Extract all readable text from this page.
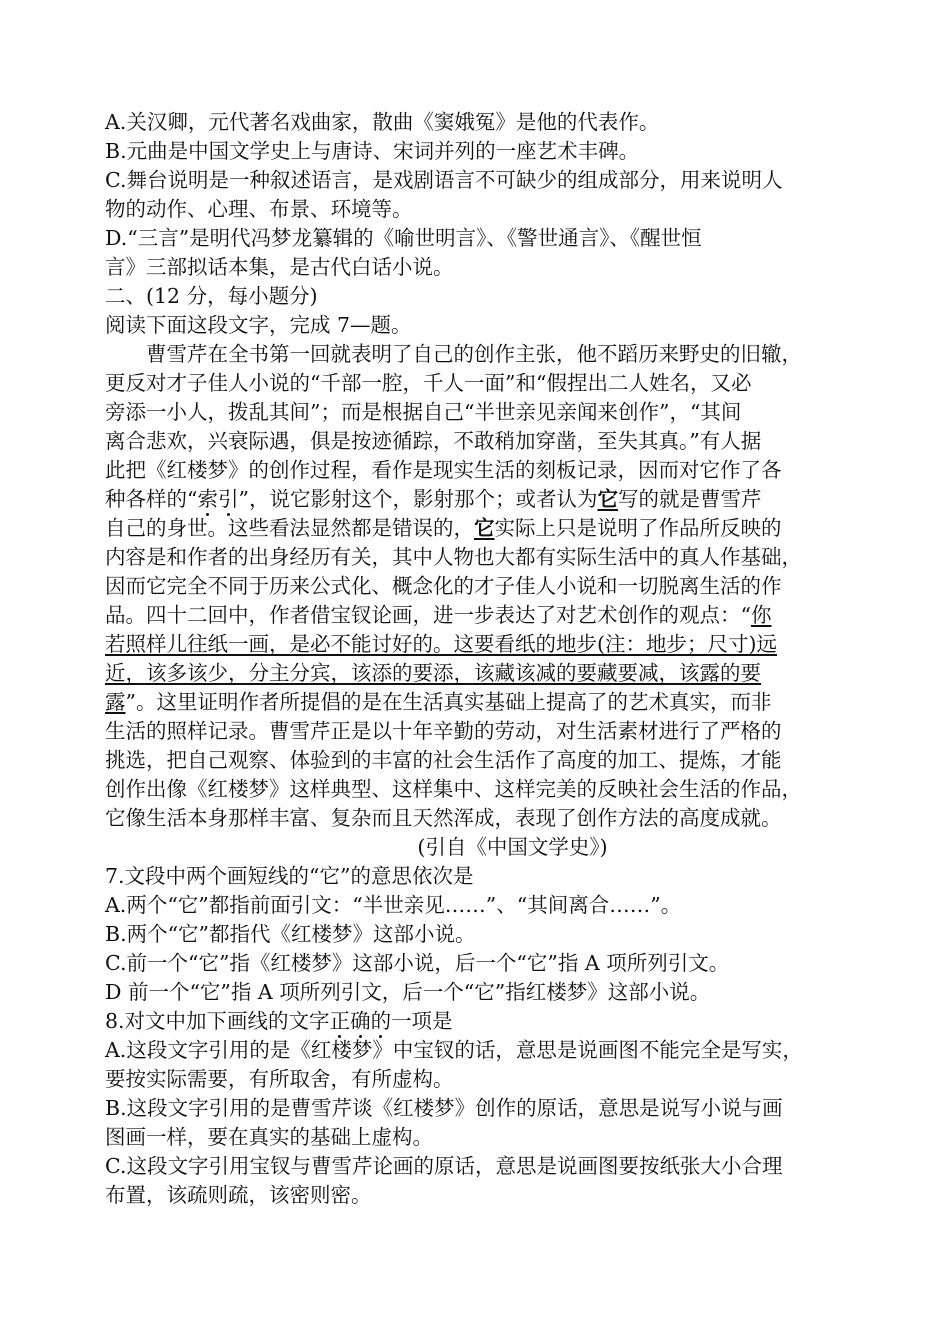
A.关汉卿，元代著名戏曲家，散曲《窦娥冤》是他的代表作。
B.元曲是中国文学史上与唐诗、宋词并列的一座艺术丰碑。
C.舞台说明是一种叙述语言，是戏剧语言不可缺少的组成部分，用来说明人
物的动作、心理、布景、环境等。
D.“三言”是明代冯梦龙纂辑的《喻世明言》、《警世通言》、《醒世恒
言》三部拟话本集，是古代白话小说。
二、(12 分，每小题分)
阅读下面这段文字，完成 7—题。
曹雪芹在全书第一回就表明了自己的创作主张，他不蹈历来野史的旧辙，
更反对才子佳人小说的“千部一腔，千人一面”和“假捏出二人姓名，又必
旁添一小人，拨乱其间”；而是根据自己“半世亲见亲闻来创作”，“其间
离合悲欢，兴衰际遇，俱是按迹循踪，不敢稍加穿凿，至失其真。”有人据
此把《红楼梦》的创作过程，看作是现实生活的刻板记录，因而对它作了各
种各样的“索引”，说它影射这个，影射那个；或者认为它写的就是曹雪芹
自己的身世。这些看法显然都是错误的，它实际上只是说明了作品所反映的
内容是和作者的出身经历有关，其中人物也大都有实际生活中的真人作基础，
因而它完全不同于历来公式化、概念化的才子佳人小说和一切脱离生活的作
品。四十二回中，作者借宝钗论画，进一步表达了对艺术创作的观点：“你
若照样儿往纸一画，是必不能讨好的。这要看纸的地步(注：地步；尺寸)远
近，该多该少，分主分宾，该添的要添，该藏该减的要藏要减，该露的要
露”。这里证明作者所提倡的是在生活真实基础上提高了的艺术真实，而非
生活的照样记录。曹雪芹正是以十年辛勤的劳动，对生活素材进行了严格的
挑选，把自己观察、体验到的丰富的社会生活作了高度的加工、提炼，才能
创作出像《红楼梦》这样典型、这样集中、这样完美的反映社会生活的作品，
它像生活本身那样丰富、复杂而且天然浑成，表现了创作方法的高度成就。
(引自《中国文学史》)
7.文段中两个画短线的“它”的意思依次是
A.两个“它”都指前面引文：“半世亲见……”、“其间离合……”。
B.两个“它”都指代《红楼梦》这部小说。
C.前一个“它”指《红楼梦》这部小说，后一个“它”指 A 项所列引文。
D 前一个“它”指 A 项所列引文，后一个“它”指红楼梦》这部小说。
8.对文中加下画线的文字正确的一项是
A.这段文字引用的是《红楼梦》中宝钗的话，意思是说画图不能完全是写实，
要按实际需要，有所取舍，有所虚构。
B.这段文字引用的是曹雪芹谈《红楼梦》创作的原话，意思是说写小说与画
图画一样，要在真实的基础上虚构。
C.这段文字引用宝钗与曹雪芹论画的原话，意思是说画图要按纸张大小合理
布置，该疏则疏，该密则密。
